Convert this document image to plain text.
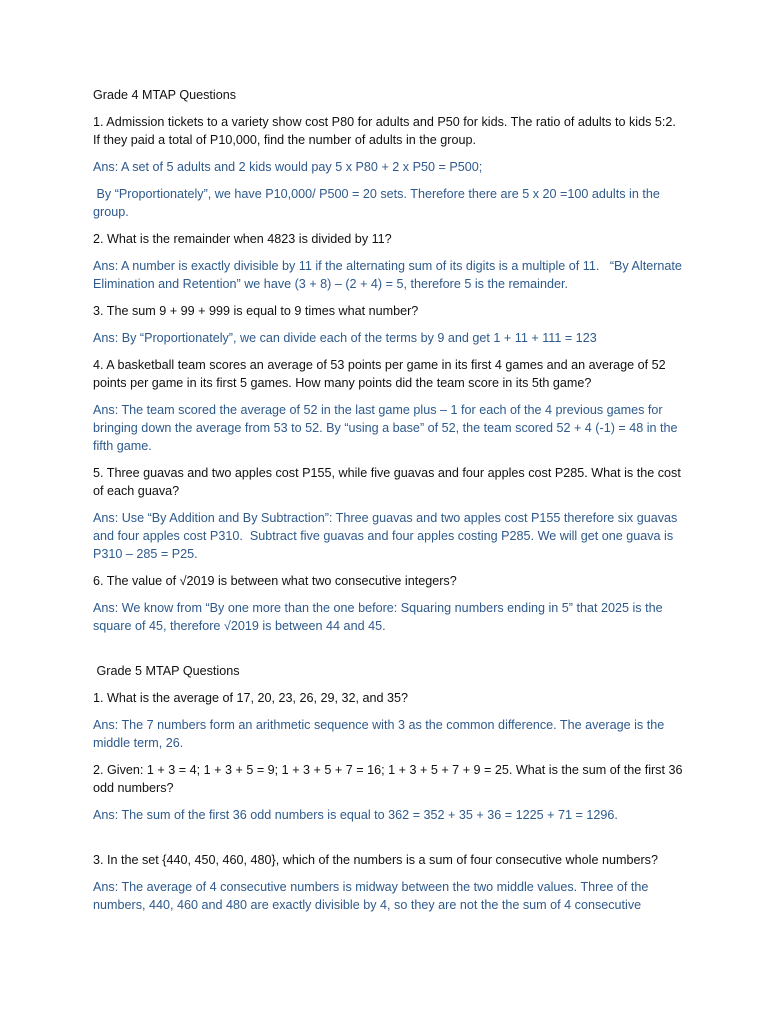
Grade 4 MTAP Questions
1. Admission tickets to a variety show cost P80 for adults and P50 for kids. The ratio of adults to kids 5:2. If they paid a total of P10,000, find the number of adults in the group.
Ans: A set of 5 adults and 2 kids would pay 5 x P80 + 2 x P50 = P500;
By “Proportionately”, we have P10,000/ P500 = 20 sets. Therefore there are 5 x 20 =100 adults in the group.
2. What is the remainder when 4823 is divided by 11?
Ans: A number is exactly divisible by 11 if the alternating sum of its digits is a multiple of 11.   “By Alternate Elimination and Retention” we have (3 + 8) – (2 + 4) = 5, therefore 5 is the remainder.
3. The sum 9 + 99 + 999 is equal to 9 times what number?
Ans: By “Proportionately”, we can divide each of the terms by 9 and get 1 + 11 + 111 = 123
4. A basketball team scores an average of 53 points per game in its first 4 games and an average of 52 points per game in its first 5 games. How many points did the team score in its 5th game?
Ans: The team scored the average of 52 in the last game plus – 1 for each of the 4 previous games for bringing down the average from 53 to 52. By “using a base” of 52, the team scored 52 + 4 (-1) = 48 in the fifth game.
5. Three guavas and two apples cost P155, while five guavas and four apples cost P285. What is the cost of each guava?
Ans: Use “By Addition and By Subtraction”: Three guavas and two apples cost P155 therefore six guavas and four apples cost P310.  Subtract five guavas and four apples costing P285. We will get one guava is P310 – 285 = P25.
6. The value of √2019 is between what two consecutive integers?
Ans: We know from “By one more than the one before: Squaring numbers ending in 5” that 2025 is the square of 45, therefore √2019 is between 44 and 45.
Grade 5 MTAP Questions
1. What is the average of 17, 20, 23, 26, 29, 32, and 35?
Ans: The 7 numbers form an arithmetic sequence with 3 as the common difference. The average is the middle term, 26.
2. Given: 1 + 3 = 4; 1 + 3 + 5 = 9; 1 + 3 + 5 + 7 = 16; 1 + 3 + 5 + 7 + 9 = 25. What is the sum of the first 36 odd numbers?
Ans: The sum of the first 36 odd numbers is equal to 362 = 352 + 35 + 36 = 1225 + 71 = 1296.
3. In the set {440, 450, 460, 480}, which of the numbers is a sum of four consecutive whole numbers?
Ans: The average of 4 consecutive numbers is midway between the two middle values. Three of the numbers, 440, 460 and 480 are exactly divisible by 4, so they are not the the sum of 4 consecutive
